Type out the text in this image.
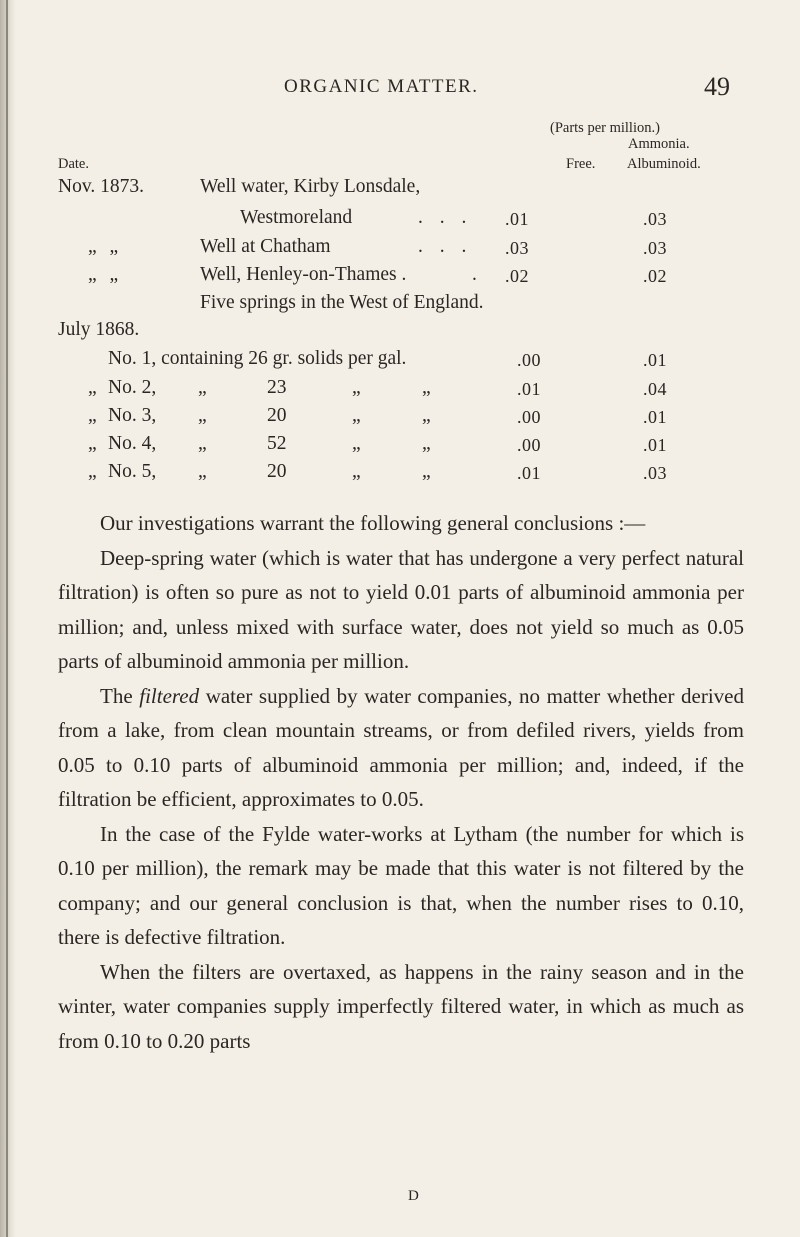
ORGANIC MATTER.	49
(Parts per million.)
Ammonia.
Date.	Free. Albuminoid.
Nov. 1873.	Well water, Kirby Lonsdale,
Westmoreland	. . . .01	.03
„ „	Well at Chatham	. . . .03	.03
„ „	Well, Henley-on-Thames .	. .02	.02
Five springs in the West of England.
July 1868.
No. 1, containing 26 gr. solids per gal.	.00	.01
„ No. 2, „	23	„	„	.01	.04
„ No. 3, „	20	„	„	.00	.01
„ No. 4, „	52	„	„	.00	.01
„ No. 5, „	20	„	„	.01	.03

Our investigations warrant the following general conclusions :—

Deep-spring water (which is water that has undergone a very perfect natural filtration) is often so pure as not to yield 0.01 parts of albuminoid ammonia per million; and, unless mixed with surface water, does not yield so much as 0.05 parts of albuminoid ammonia per million.

The filtered water supplied by water companies, no matter whether derived from a lake, from clean mountain streams, or from defiled rivers, yields from 0.05 to 0.10 parts of albuminoid ammonia per million; and, indeed, if the filtration be efficient, approximates to 0.05.

In the case of the Fylde water-works at Lytham (the number for which is 0.10 per million), the remark may be made that this water is not filtered by the company; and our general conclusion is that, when the number rises to 0.10, there is defective filtration.

When the filters are overtaxed, as happens in the rainy season and in the winter, water companies supply imperfectly filtered water, in which as much as from 0.10 to 0.20 parts

D
